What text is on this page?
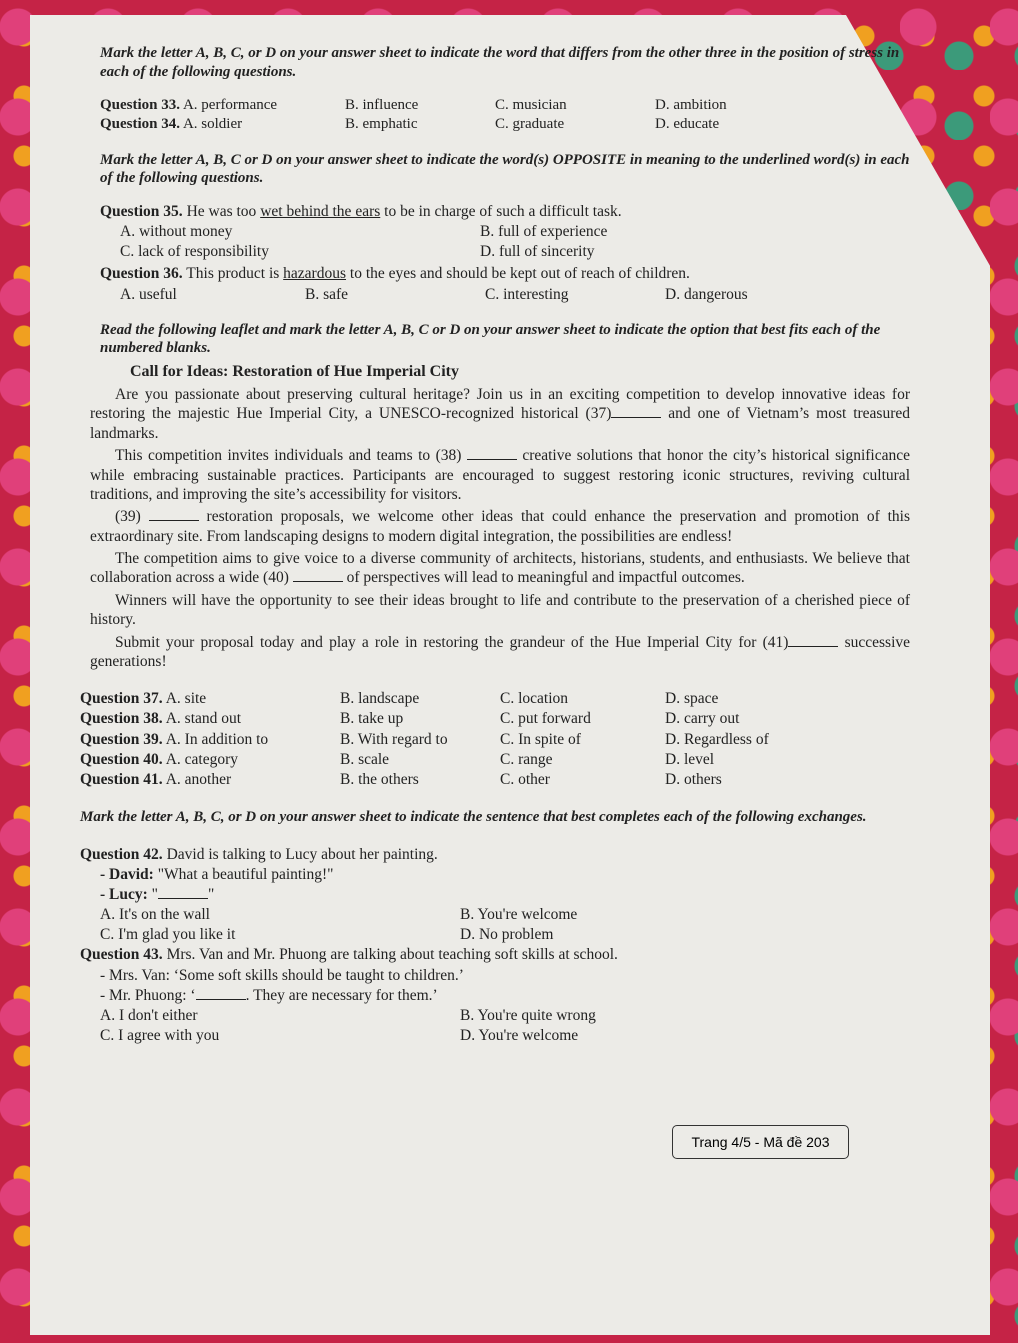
Mark the letter A, B, C, or D on your answer sheet to indicate the word that differs from the other three in the position of stress in each of the following questions.
Question 33. A. performance	B. influence	C. musician	D. ambition
Question 34. A. soldier	B. emphatic	C. graduate	D. educate
Mark the letter A, B, C or D on your answer sheet to indicate the word(s) OPPOSITE in meaning to the underlined word(s) in each of the following questions.
Question 35. He was too wet behind the ears to be in charge of such a difficult task.
A. without money	B. full of experience
C. lack of responsibility	D. full of sincerity
Question 36. This product is hazardous to the eyes and should be kept out of reach of children.
A. useful	B. safe	C. interesting	D. dangerous
Read the following leaflet and mark the letter A, B, C or D on your answer sheet to indicate the option that best fits each of the numbered blanks.
Call for Ideas: Restoration of Hue Imperial City
Are you passionate about preserving cultural heritage? Join us in an exciting competition to develop innovative ideas for restoring the majestic Hue Imperial City, a UNESCO-recognized historical (37)	and one of Vietnam’s most treasured landmarks.
This competition invites individuals and teams to (38)	creative solutions that honor the city’s historical significance while embracing sustainable practices. Participants are encouraged to suggest restoring iconic structures, reviving cultural traditions, and improving the site’s accessibility for visitors.
(39)	restoration proposals, we welcome other ideas that could enhance the preservation and promotion of this extraordinary site. From landscaping designs to modern digital integration, the possibilities are endless!
The competition aims to give voice to a diverse community of architects, historians, students, and enthusiasts. We believe that collaboration across a wide (40)	of perspectives will lead to meaningful and impactful outcomes.
Winners will have the opportunity to see their ideas brought to life and contribute to the preservation of a cherished piece of history.
Submit your proposal today and play a role in restoring the grandeur of the Hue Imperial City for (41)	successive generations!
Question 37. A. site	B. landscape	C. location	D. space
Question 38. A. stand out	B. take up	C. put forward	D. carry out
Question 39. A. In addition to	B. With regard to	C. In spite of	D. Regardless of
Question 40. A. category	B. scale	C. range	D. level
Question 41. A. another	B. the others	C. other	D. others
Mark the letter A, B, C, or D on your answer sheet to indicate the sentence that best completes each of the following exchanges.
Question 42. David is talking to Lucy about her painting.
- David: "What a beautiful painting!"
- Lucy: "	"
A. It's on the wall	B. You're welcome
C. I'm glad you like it	D. No problem
Question 43. Mrs. Van and Mr. Phuong are talking about teaching soft skills at school.
- Mrs. Van: ‘Some soft skills should be taught to children.’
- Mr. Phuong: ‘	. They are necessary for them.’
A. I don't either	B. You're quite wrong
C. I agree with you	D. You're welcome
Trang 4/5 - Mã đề 203
